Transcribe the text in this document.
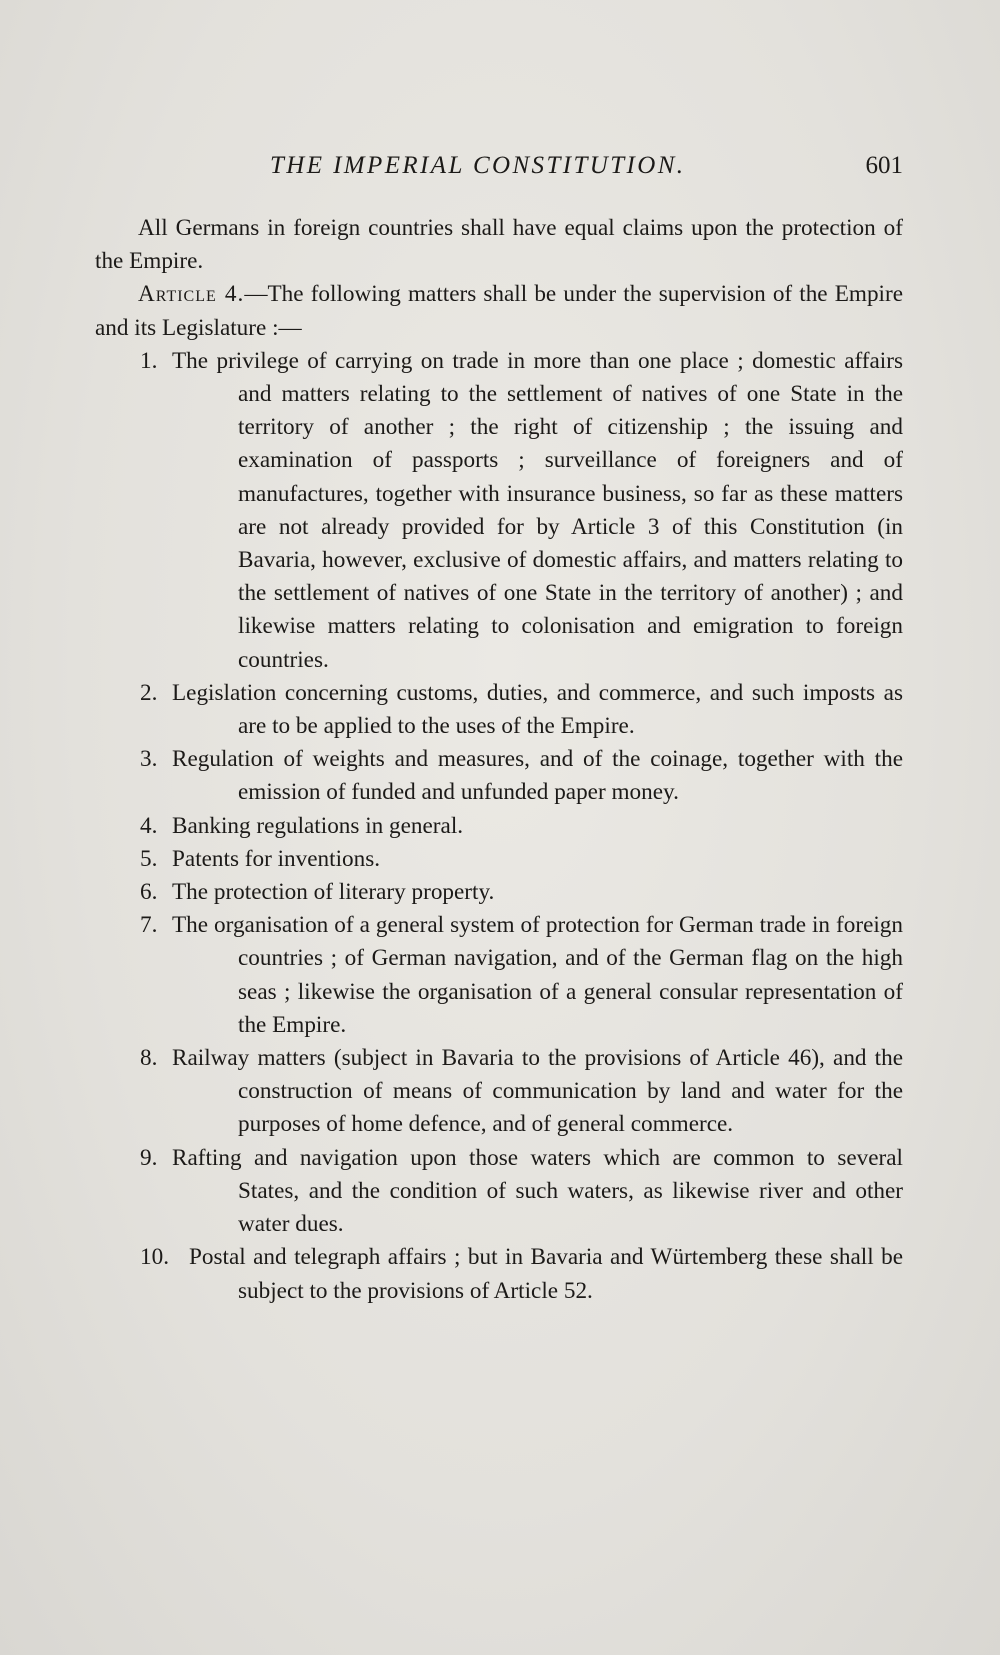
THE IMPERIAL CONSTITUTION.	601

All Germans in foreign countries shall have equal claims upon the protection of the Empire.

Article 4.—The following matters shall be under the supervision of the Empire and its Legislature :—

1. The privilege of carrying on trade in more than one place ; domestic affairs and matters relating to the settlement of natives of one State in the territory of another ; the right of citizenship ; the issuing and examination of passports ; surveillance of foreigners and of manufactures, together with insurance business, so far as these matters are not already provided for by Article 3 of this Constitution (in Bavaria, however, exclusive of domestic affairs, and matters relating to the settlement of natives of one State in the territory of another) ; and likewise matters relating to colonisation and emigration to foreign countries.
2. Legislation concerning customs, duties, and commerce, and such imposts as are to be applied to the uses of the Empire.
3. Regulation of weights and measures, and of the coinage, together with the emission of funded and unfunded paper money.
4. Banking regulations in general.
5. Patents for inventions.
6. The protection of literary property.
7. The organisation of a general system of protection for German trade in foreign countries ; of German navigation, and of the German flag on the high seas ; likewise the organisation of a general consular representation of the Empire.
8. Railway matters (subject in Bavaria to the provisions of Article 46), and the construction of means of communication by land and water for the purposes of home defence, and of general commerce.
9. Rafting and navigation upon those waters which are common to several States, and the condition of such waters, as likewise river and other water dues.
10. Postal and telegraph affairs ; but in Bavaria and Würtemberg these shall be subject to the provisions of Article 52.
